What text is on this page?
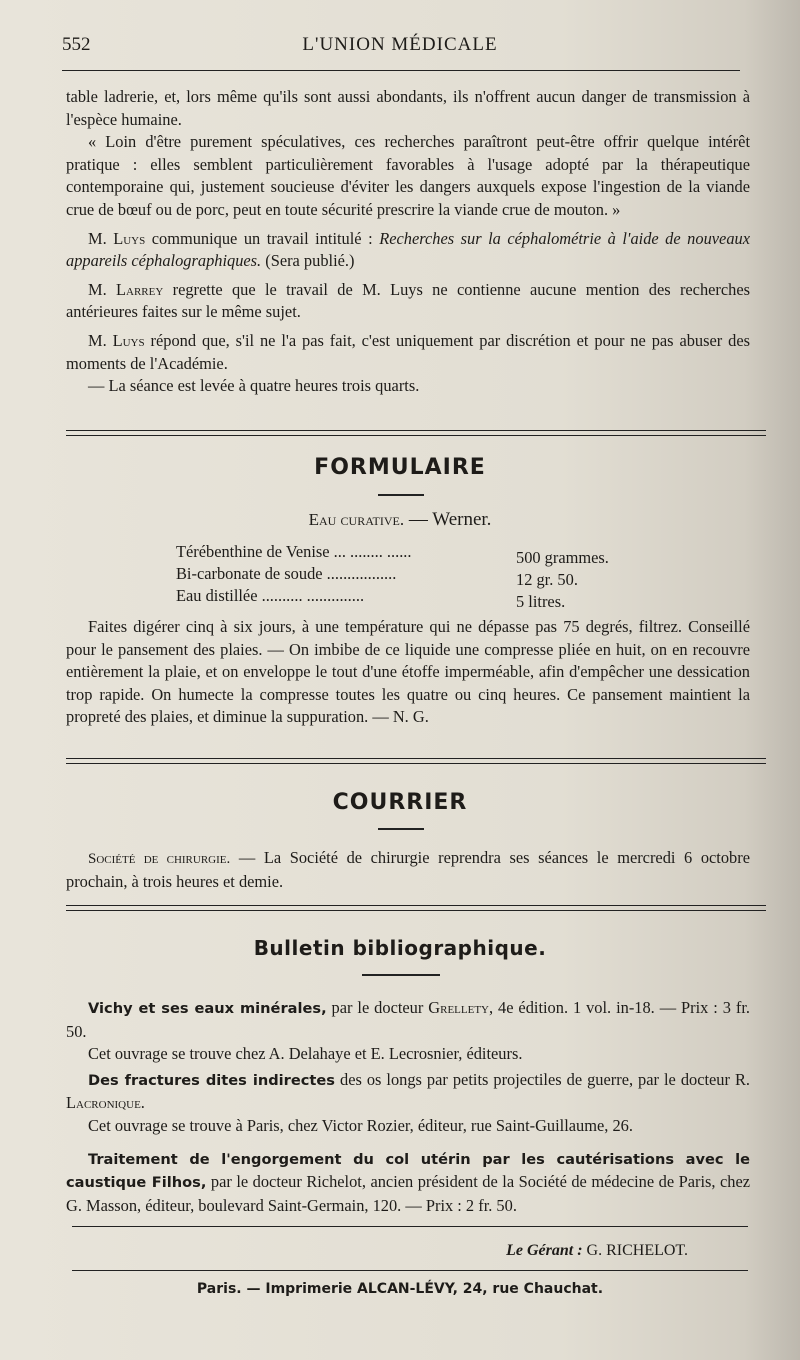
552	L'UNION MÉDICALE

table ladrerie, et, lors même qu'ils sont aussi abondants, ils n'offrent aucun danger de transmission à l'espèce humaine.

« Loin d'être purement spéculatives, ces recherches paraîtront peut-être offrir quelque intérêt pratique : elles semblent particulièrement favorables à l'usage adopté par la thérapeutique contemporaine qui, justement soucieuse d'éviter les dangers auxquels expose l'ingestion de la viande crue de bœuf ou de porc, peut en toute sécurité prescrire la viande crue de mouton. »

M. Luys communique un travail intitulé : Recherches sur la céphalométrie à l'aide de nouveaux appareils céphalographiques. (Sera publié.)

M. Larrey regrette que le travail de M. Luys ne contienne aucune mention des recherches antérieures faites sur le même sujet.

M. Luys répond que, s'il ne l'a pas fait, c'est uniquement par discrétion et pour ne pas abuser des moments de l'Académie.

— La séance est levée à quatre heures trois quarts.

FORMULAIRE
Eau curative. — Werner.
Térébenthine de Venise ... ........ ......	500 grammes.
Bi-carbonate de soude .................	12 gr. 50.
Eau distillée .......... ..............	5 litres.

Faites digérer cinq à six jours, à une température qui ne dépasse pas 75 degrés, filtrez. Conseillé pour le pansement des plaies. — On imbibe de ce liquide une compresse pliée en huit, on en recouvre entièrement la plaie, et on enveloppe le tout d'une étoffe imperméable, afin d'empêcher une dessication trop rapide. On humecte la compresse toutes les quatre ou cinq heures. Ce pansement maintient la propreté des plaies, et diminue la suppuration. — N. G.

COURRIER

Société de chirurgie. — La Société de chirurgie reprendra ses séances le mercredi 6 octobre prochain, à trois heures et demie.

Bulletin bibliographique.

Vichy et ses eaux minérales, par le docteur Grellety, 4e édition. 1 vol. in-18. — Prix : 3 fr. 50.

Cet ouvrage se trouve chez A. Delahaye et E. Lecrosnier, éditeurs.

Des fractures dites indirectes des os longs par petits projectiles de guerre, par le docteur R. Lacronique.

Cet ouvrage se trouve à Paris, chez Victor Rozier, éditeur, rue Saint-Guillaume, 26.

Traitement de l'engorgement du col utérin par les cautérisations avec le caustique Filhos, par le docteur Richelot, ancien président de la Société de médecine de Paris, chez G. Masson, éditeur, boulevard Saint-Germain, 120. — Prix : 2 fr. 50.

Le Gérant : G. RICHELOT.
Paris. — Imprimerie ALCAN-LÉVY, 24, rue Chauchat.
